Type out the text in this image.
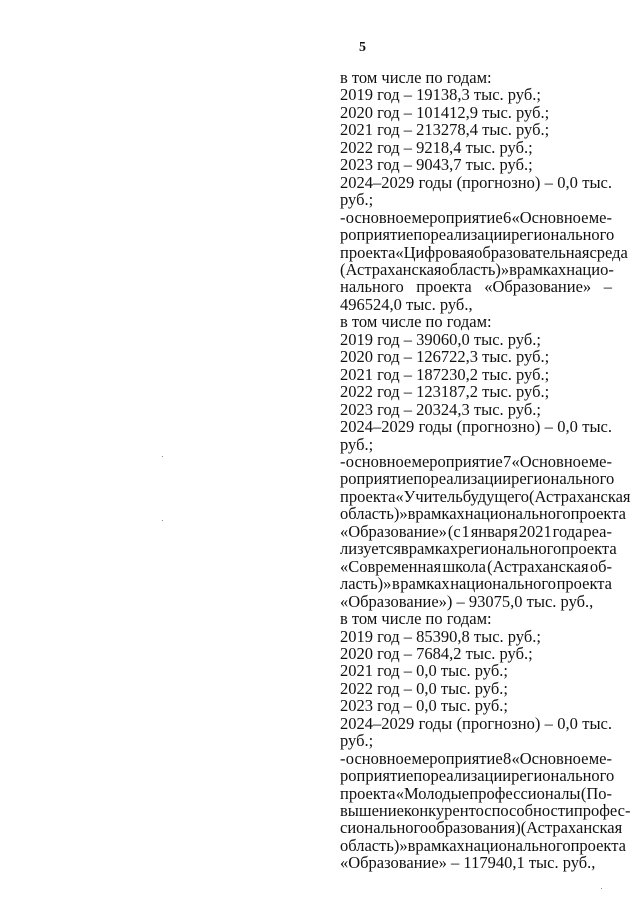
5
в том числе по годам:
2019 год – 19138,3 тыс. руб.;
2020 год – 101412,9 тыс. руб.;
2021 год – 213278,4 тыс. руб.;
2022 год – 9218,4 тыс. руб.;
2023 год – 9043,7 тыс. руб.;
2024–2029 годы (прогнозно) – 0,0 тыс.
руб.;
- основное мероприятие 6 «Основное ме-
роприятие по реализации регионального
проекта «Цифровая образовательная среда
(Астраханская область)» в рамках нацио-
нального проекта «Образование» –
496524,0 тыс. руб.,
в том числе по годам:
2019 год – 39060,0 тыс. руб.;
2020 год – 126722,3 тыс. руб.;
2021 год – 187230,2 тыс. руб.;
2022 год – 123187,2 тыс. руб.;
2023 год – 20324,3 тыс. руб.;
2024–2029 годы (прогнозно) – 0,0 тыс.
руб.;
- основное мероприятие 7 «Основное ме-
роприятие по реализации регионального
проекта «Учитель будущего (Астраханская
область)» в рамках национального проекта
«Образование» (с 1 января 2021 года реа-
лизуется в рамках регионального проекта
«Современная школа (Астраханская об-
ласть)» в рамках национального проекта
«Образование») – 93075,0 тыс. руб.,
в том числе по годам:
2019 год – 85390,8 тыс. руб.;
2020 год – 7684,2 тыс. руб.;
2021 год – 0,0 тыс. руб.;
2022 год – 0,0 тыс. руб.;
2023 год – 0,0 тыс. руб.;
2024–2029 годы (прогнозно) – 0,0 тыс.
руб.;
- основное мероприятие 8 «Основное ме-
роприятие по реализации регионального
проекта «Молодые профессионалы (По-
вышение конкурентоспособности профес-
сионального образования) (Астраханская
область)» в рамках национального проекта
«Образование» – 117940,1 тыс. руб.,
